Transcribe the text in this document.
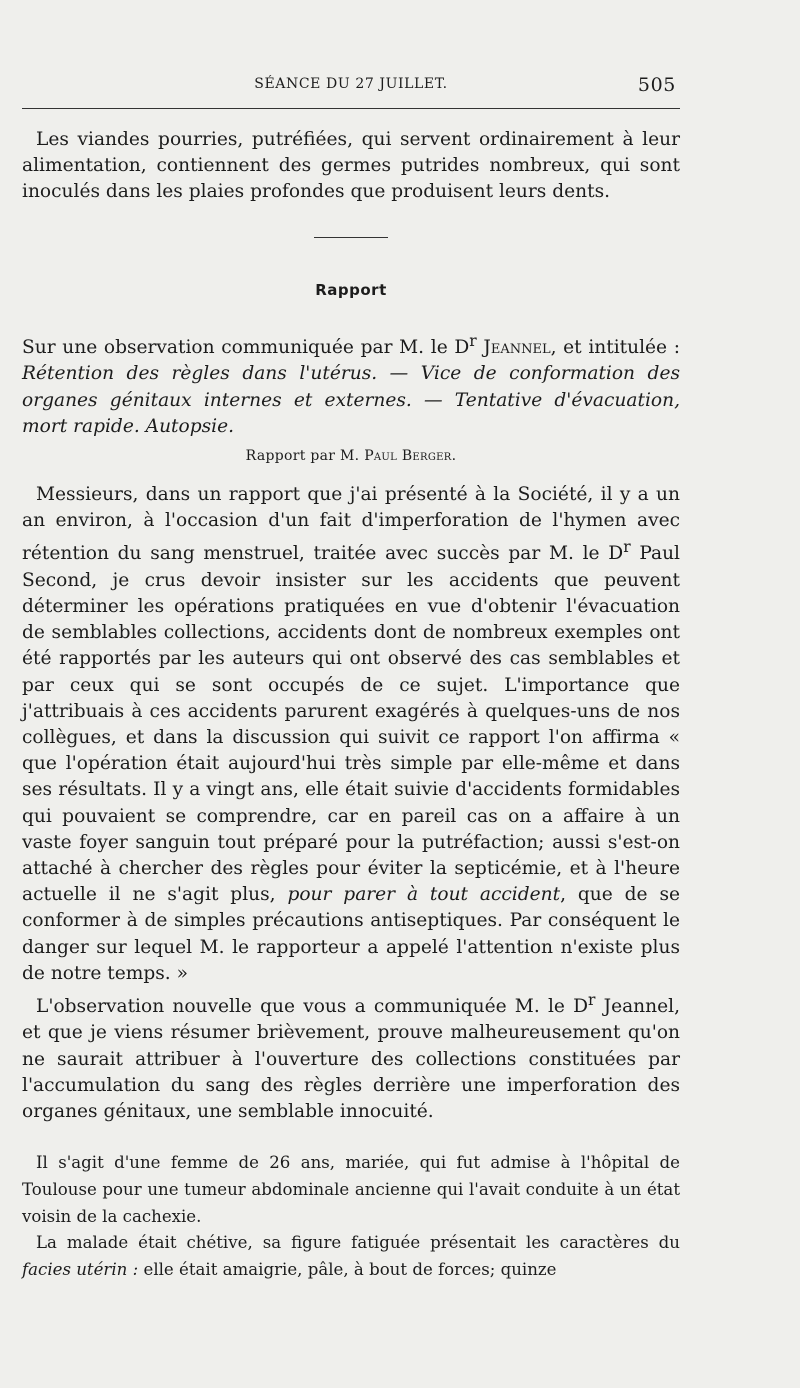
SÉANCE DU 27 JUILLET.	505

Les viandes pourries, putréfiées, qui servent ordinairement à leur alimentation, contiennent des germes putrides nombreux, qui sont inoculés dans les plaies profondes que produisent leurs dents.

Rapport

Sur une observation communiquée par M. le $D^r$ Jeannel, et intitulée : Rétention des règles dans l'utérus. — Vice de conformation des organes génitaux internes et externes. — Tentative d'évacuation, mort rapide. Autopsie.

Rapport par M. Paul Berger.

Messieurs, dans un rapport que j'ai présenté à la Société, il y a un an environ, à l'occasion d'un fait d'imperforation de l'hymen avec rétention du sang menstruel, traitée avec succès par M. le $D^r$ Paul Second, je crus devoir insister sur les accidents que peuvent déterminer les opérations pratiquées en vue d'obtenir l'évacuation de semblables collections, accidents dont de nombreux exemples ont été rapportés par les auteurs qui ont observé des cas semblables et par ceux qui se sont occupés de ce sujet. L'importance que j'attribuais à ces accidents parurent exagérés à quelques-uns de nos collègues, et dans la discussion qui suivit ce rapport l'on affirma « que l'opération était aujourd'hui très simple par elle-même et dans ses résultats. Il y a vingt ans, elle était suivie d'accidents formidables qui pouvaient se comprendre, car en pareil cas on a affaire à un vaste foyer sanguin tout préparé pour la putréfaction; aussi s'est-on attaché à chercher des règles pour éviter la septicémie, et à l'heure actuelle il ne s'agit plus, pour parer à tout accident, que de se conformer à de simples précautions antiseptiques. Par conséquent le danger sur lequel M. le rapporteur a appelé l'attention n'existe plus de notre temps. »

L'observation nouvelle que vous a communiquée M. le $D^r$ Jeannel, et que je viens résumer brièvement, prouve malheureusement qu'on ne saurait attribuer à l'ouverture des collections constituées par l'accumulation du sang des règles derrière une imperforation des organes génitaux, une semblable innocuité.

Il s'agit d'une femme de 26 ans, mariée, qui fut admise à l'hôpital de Toulouse pour une tumeur abdominale ancienne qui l'avait conduite à un état voisin de la cachexie.

La malade était chétive, sa figure fatiguée présentait les caractères du facies utérin : elle était amaigrie, pâle, à bout de forces; quinze
